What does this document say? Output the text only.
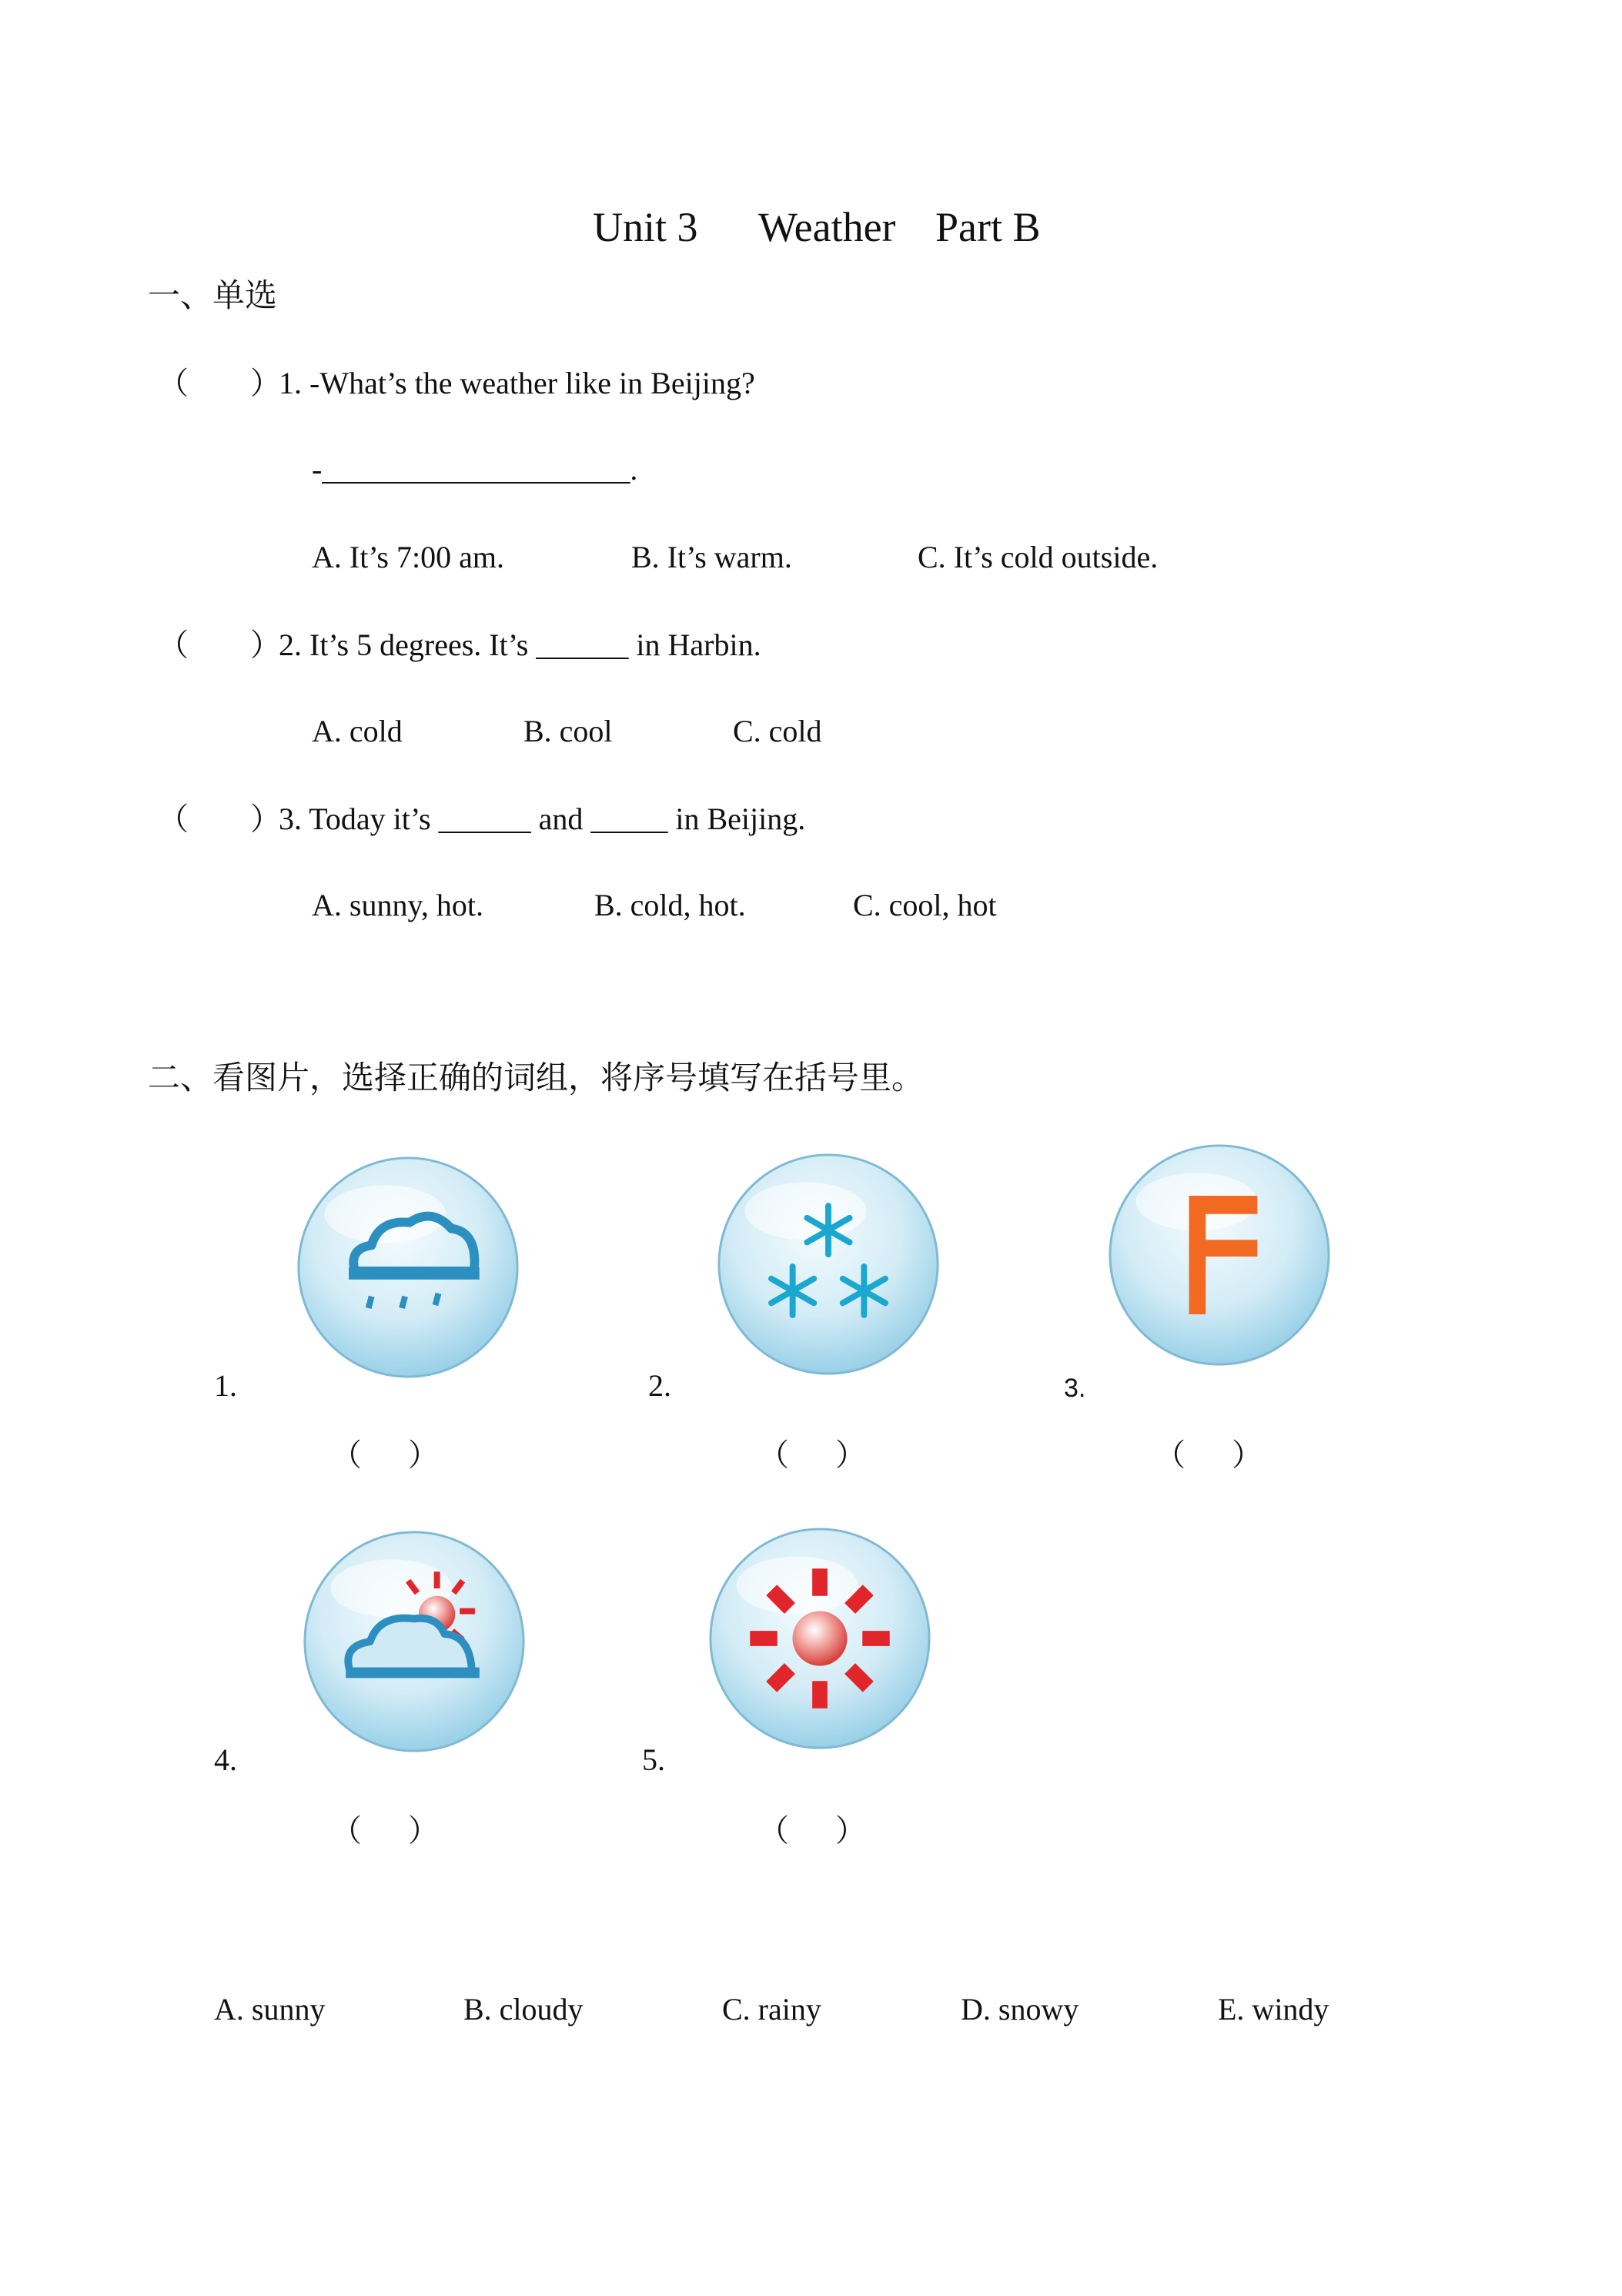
Unit 3 Weather Part B
一、单选
（        ）
1. -What’s the weather like in Beijing?
-____________________.
A. It’s 7:00 am.	B. It’s warm.	C. It’s cold outside.
（        ）
2. It’s 5 degrees. It’s ______ in Harbin.
A. cold	B. cool	C. cold
（        ）
3. Today it’s ______ and _____ in Beijing.
A. sunny, hot.	B. cold, hot.	C. cool, hot
二、看图片，选择正确的词组，将序号填写在括号里。
1.	2.	3.
4.	5.
（      ）	（      ）	（      ）
（      ）	（      ）
A. sunny	B. cloudy	C. rainy	D. snowy	E. windy
